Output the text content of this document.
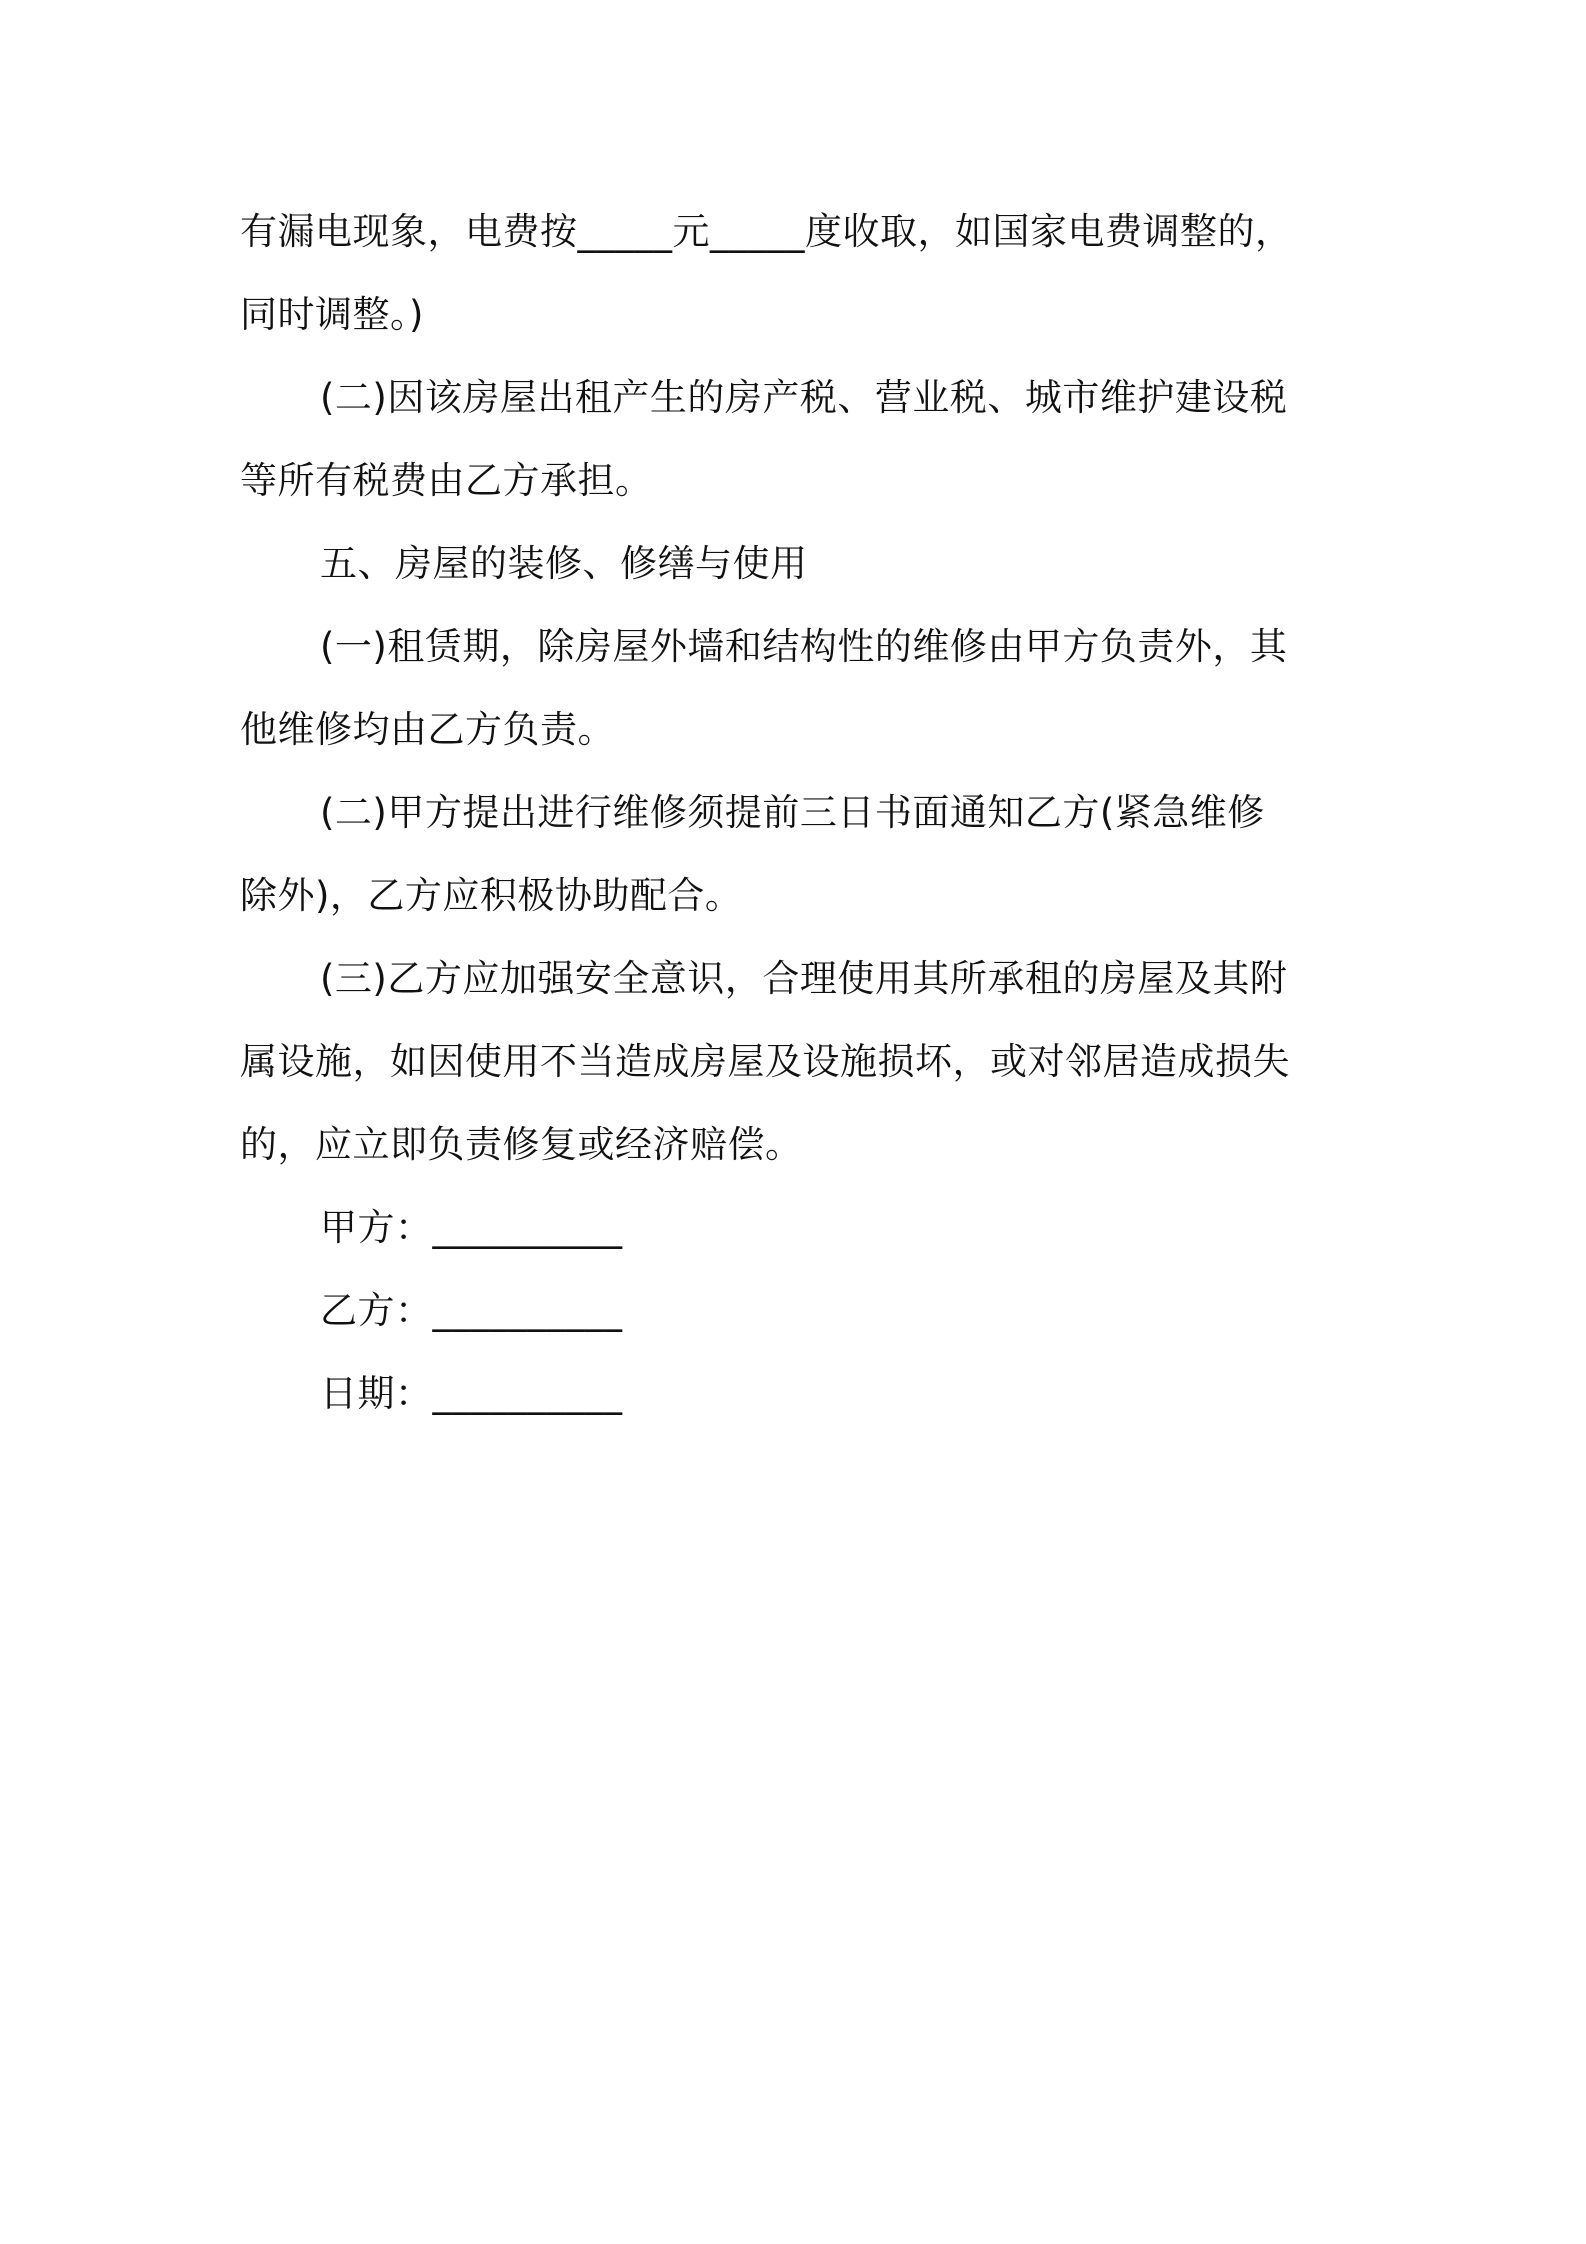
有漏电现象，电费按_____元_____度收取，如国家电费调整的，
同时调整。)
(二)因该房屋出租产生的房产税、营业税、城市维护建设税
等所有税费由乙方承担。
五、房屋的装修、修缮与使用
(一)租赁期，除房屋外墙和结构性的维修由甲方负责外，其
他维修均由乙方负责。
(二)甲方提出进行维修须提前三日书面通知乙方(紧急维修
除外)，乙方应积极协助配合。
(三)乙方应加强安全意识，合理使用其所承租的房屋及其附
属设施，如因使用不当造成房屋及设施损坏，或对邻居造成损失
的，应立即负责修复或经济赔偿。
甲方：__________
乙方：__________
日期：__________
